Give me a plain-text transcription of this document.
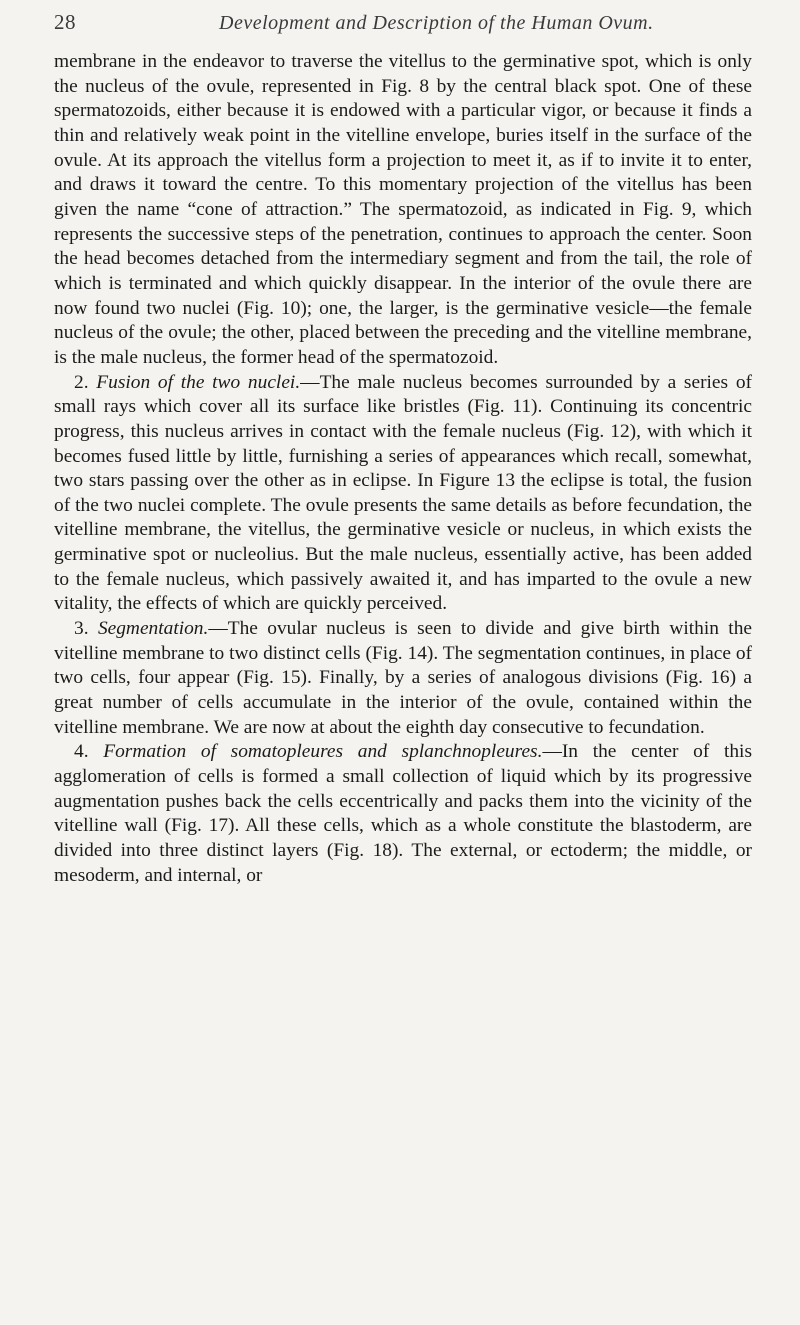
28	Development and Description of the Human Ovum.

membrane in the endeavor to traverse the vitellus to the germinative spot, which is only the nucleus of the ovule, represented in Fig. 8 by the central black spot. One of these spermatozoids, either because it is endowed with a particular vigor, or because it finds a thin and relatively weak point in the vitelline envelope, buries itself in the surface of the ovule. At its approach the vitellus form a projection to meet it, as if to invite it to enter, and draws it toward the centre. To this momentary projection of the vitellus has been given the name “cone of attraction.” The spermatozoid, as indicated in Fig. 9, which represents the successive steps of the penetration, continues to approach the center. Soon the head becomes detached from the intermediary segment and from the tail, the role of which is terminated and which quickly disappear. In the interior of the ovule there are now found two nuclei (Fig. 10); one, the larger, is the germinative vesicle—the female nucleus of the ovule; the other, placed between the preceding and the vitelline membrane, is the male nucleus, the former head of the spermatozoid.

2. Fusion of the two nuclei.—The male nucleus becomes surrounded by a series of small rays which cover all its surface like bristles (Fig. 11). Continuing its concentric progress, this nucleus arrives in contact with the female nucleus (Fig. 12), with which it becomes fused little by little, furnishing a series of appearances which recall, somewhat, two stars passing over the other as in eclipse. In Figure 13 the eclipse is total, the fusion of the two nuclei complete. The ovule presents the same details as before fecundation, the vitelline membrane, the vitellus, the germinative vesicle or nucleus, in which exists the germinative spot or nucleolius. But the male nucleus, essentially active, has been added to the female nucleus, which passively awaited it, and has imparted to the ovule a new vitality, the effects of which are quickly perceived.

3. Segmentation.—The ovular nucleus is seen to divide and give birth within the vitelline membrane to two distinct cells (Fig. 14). The segmentation continues, in place of two cells, four appear (Fig. 15). Finally, by a series of analogous divisions (Fig. 16) a great number of cells accumulate in the interior of the ovule, contained within the vitelline membrane. We are now at about the eighth day consecutive to fecundation.

4. Formation of somatopleures and splanchnopleures.—In the center of this agglomeration of cells is formed a small collection of liquid which by its progressive augmentation pushes back the cells eccentrically and packs them into the vicinity of the vitelline wall (Fig. 17). All these cells, which as a whole constitute the blastoderm, are divided into three distinct layers (Fig. 18). The external, or ectoderm; the middle, or mesoderm, and internal, or
